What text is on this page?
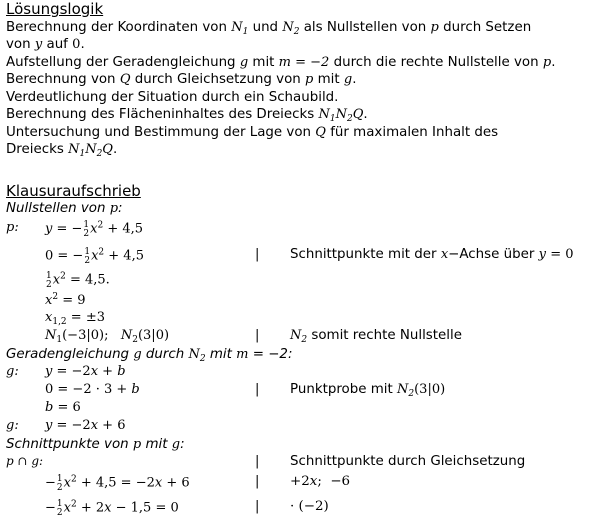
Lösungslogik
Berechnung der Koordinaten von $N_1$ und $N_2$ als Nullstellen von p durch Setzen
von y auf 0.
Aufstellung der Geradengleichung g mit m = −2 durch die rechte Nullstelle von p.
Berechnung von Q durch Gleichsetzung von p mit g.
Verdeutlichung der Situation durch ein Schaubild.
Berechnung des Flächeninhaltes des Dreiecks $N_1N_2Q$.
Untersuchung und Bestimmung der Lage von Q für maximalen Inhalt des
Dreiecks $N_1N_2Q$.
Klausuraufschrieb
Nullstellen von p:
p: y = − 1
2 $x^2 + 4,5$
0 = − 1
2 $x^2 + 4,5$	| Schnittpunkte mit der x−Achse über y = 0
1
2 $x^2 = 4,5$.
$x^2 = 9$
$x_{1,2} = \pm 3$
$N_1(-3|0)$;   $N_2(3|0)$	| $N_2$ somit rechte Nullstelle
Geradengleichung g durch $N_2$ mit m = −2:
g: y = −2x + b
0 = −2 · 3 + b	| Punktprobe mit $N_2(3|0)$
b = 6
g: y = −2x + 6
Schnittpunkte von p mit g:
p ∩ g:	| Schnittpunkte durch Gleichsetzung
− 1
2 $x^2 + 4,5 = -2x + 6$	| +2x;  −6
− 1
2 $x^2 + 2x - 1,5 = 0$	| · (−2)
